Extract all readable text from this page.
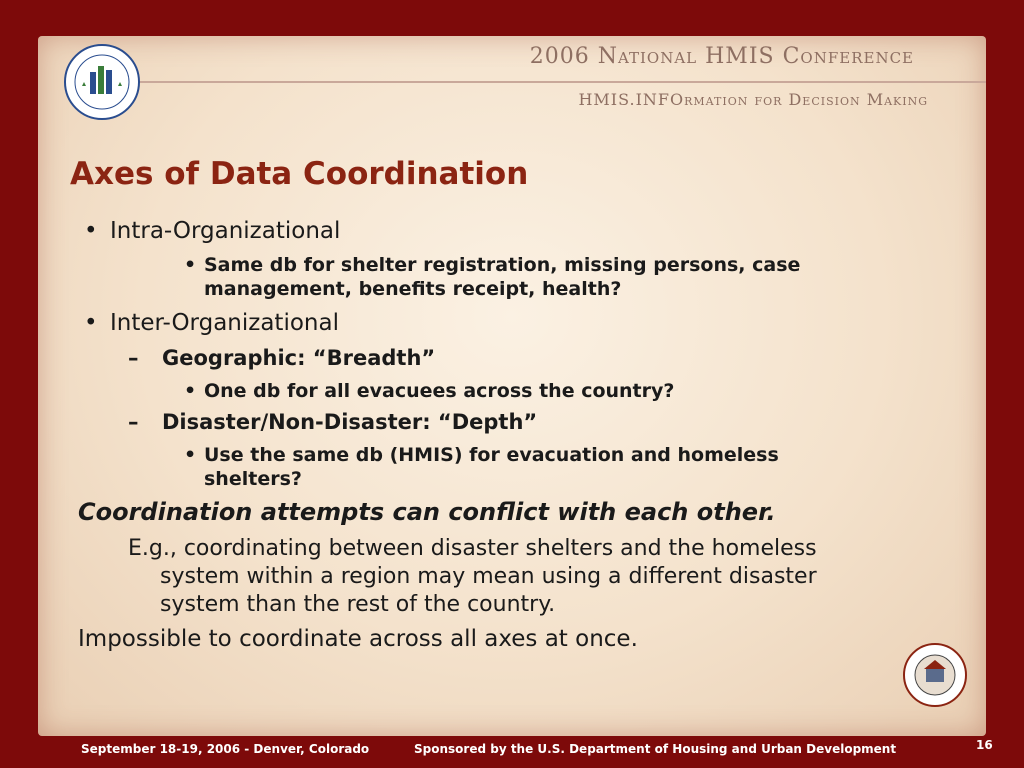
2006 National HMIS Conference
HMIS.INFOrmation for Decision Making
Axes of Data Coordination
• Intra-Organizational
• Same db for shelter registration, missing persons, case
management, benefits receipt, health?
• Inter-Organizational
– Geographic: “Breadth”
• One db for all evacuees across the country?
– Disaster/Non-Disaster: “Depth”
• Use the same db (HMIS) for evacuation and homeless
shelters?
Coordination attempts can conflict with each other.
E.g., coordinating between disaster shelters and the homeless
system within a region may mean using a different disaster
system than the rest of the country.
Impossible to coordinate across all axes at once.
September 18-19, 2006 - Denver, Colorado	Sponsored by the U.S. Department of Housing and Urban Development	16
